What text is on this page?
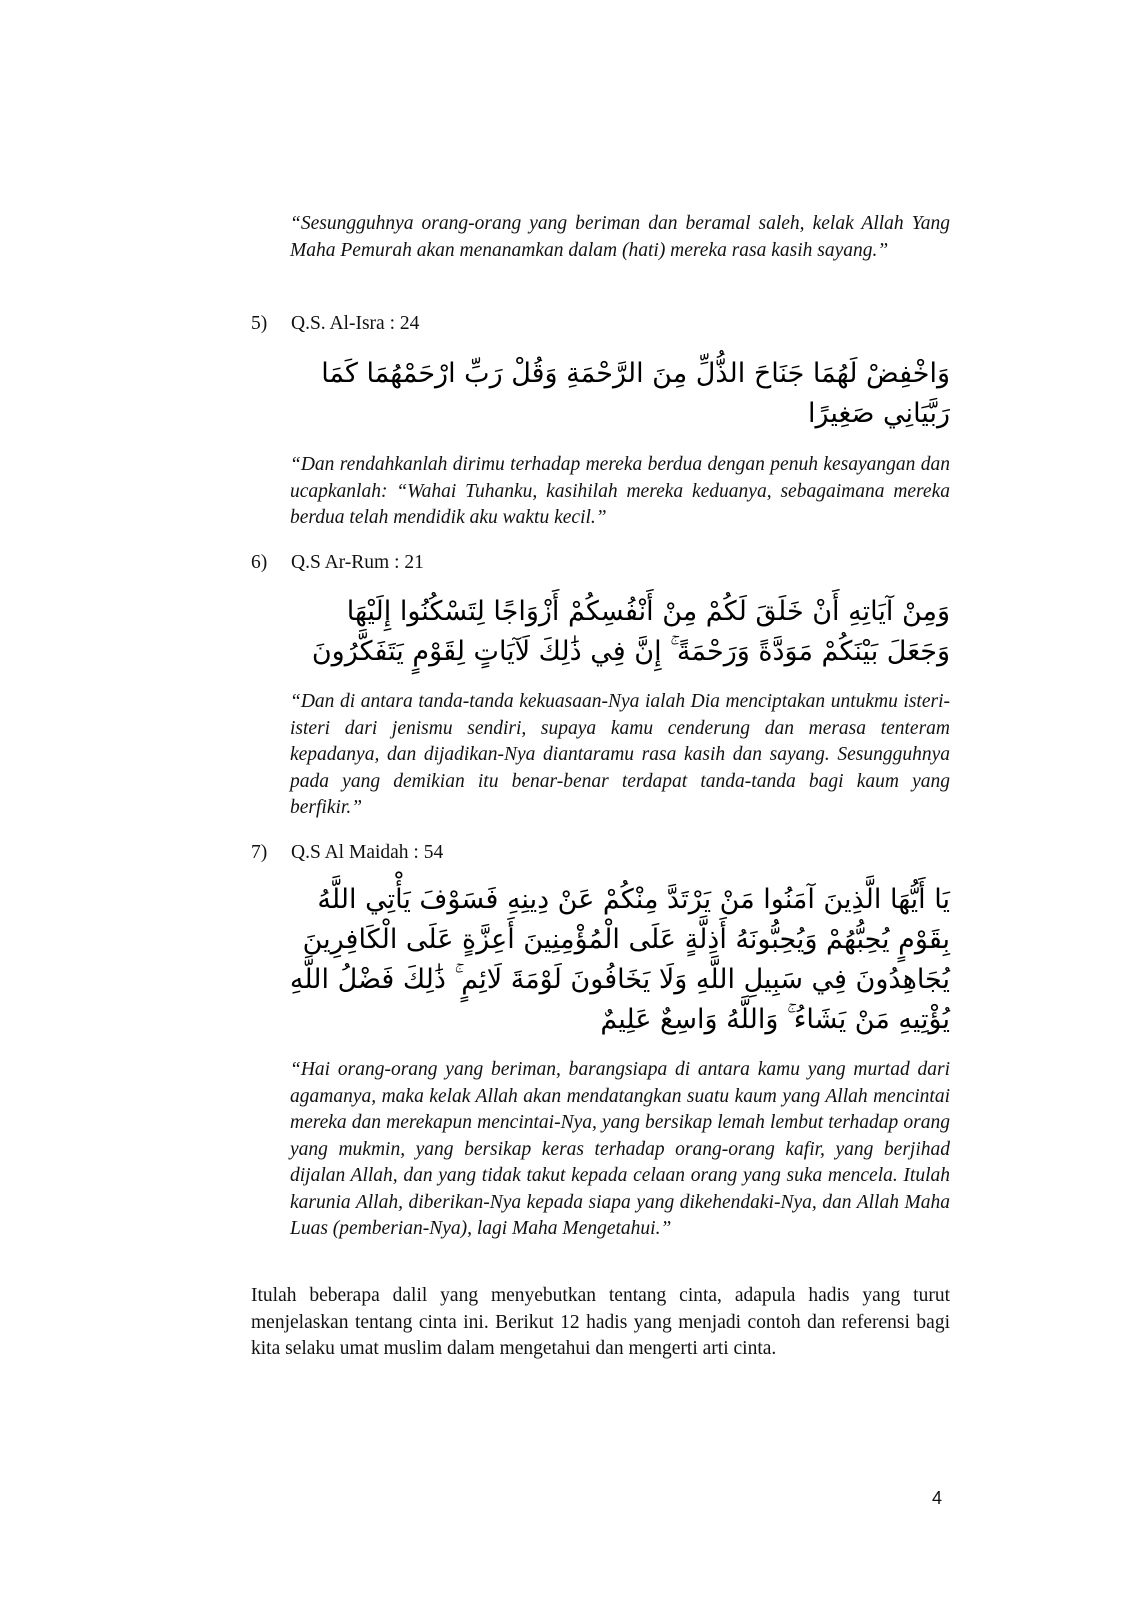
“Sesungguhnya orang-orang yang beriman dan beramal saleh, kelak Allah Yang Maha Pemurah akan menanamkan dalam (hati) mereka rasa kasih sayang.”
5) Q.S. Al-Isra : 24
وَاخْفِضْ لَهُمَا جَنَاحَ الذُّلِّ مِنَ الرَّحْمَةِ وَقُلْ رَبِّ ارْحَمْهُمَا كَمَا
رَبَّيَانِي صَغِيرًا
“Dan rendahkanlah dirimu terhadap mereka berdua dengan penuh kesayangan dan ucapkanlah: “Wahai Tuhanku, kasihilah mereka keduanya, sebagaimana mereka berdua telah mendidik aku waktu kecil.”
6) Q.S Ar-Rum : 21
وَمِنْ آيَاتِهِ أَنْ خَلَقَ لَكُمْ مِنْ أَنْفُسِكُمْ أَزْوَاجًا لِتَسْكُنُوا إِلَيْهَا
وَجَعَلَ بَيْنَكُمْ مَوَدَّةً وَرَحْمَةً ۚ إِنَّ فِي ذَٰلِكَ لَآيَاتٍ لِقَوْمٍ يَتَفَكَّرُونَ
“Dan di antara tanda-tanda kekuasaan-Nya ialah Dia menciptakan untukmu isteri-isteri dari jenismu sendiri, supaya kamu cenderung dan merasa tenteram kepadanya, dan dijadikan-Nya diantaramu rasa kasih dan sayang. Sesungguhnya pada yang demikian itu benar-benar terdapat tanda-tanda bagi kaum yang berfikir.”
7) Q.S Al Maidah : 54
يَا أَيُّهَا الَّذِينَ آمَنُوا مَنْ يَرْتَدَّ مِنْكُمْ عَنْ دِينِهِ فَسَوْفَ يَأْتِي اللَّهُ
بِقَوْمٍ يُحِبُّهُمْ وَيُحِبُّونَهُ أَذِلَّةٍ عَلَى الْمُؤْمِنِينَ أَعِزَّةٍ عَلَى الْكَافِرِينَ
يُجَاهِدُونَ فِي سَبِيلِ اللَّهِ وَلَا يَخَافُونَ لَوْمَةَ لَائِمٍ ۚ ذَٰلِكَ فَضْلُ اللَّهِ
يُؤْتِيهِ مَنْ يَشَاءُ ۚ وَاللَّهُ وَاسِعٌ عَلِيمٌ
“Hai orang-orang yang beriman, barangsiapa di antara kamu yang murtad dari agamanya, maka kelak Allah akan mendatangkan suatu kaum yang Allah mencintai mereka dan merekapun mencintai-Nya, yang bersikap lemah lembut terhadap orang yang mukmin, yang bersikap keras terhadap orang-orang kafir, yang berjihad dijalan Allah, dan yang tidak takut kepada celaan orang yang suka mencela. Itulah karunia Allah, diberikan-Nya kepada siapa yang dikehendaki-Nya, dan Allah Maha Luas (pemberian-Nya), lagi Maha Mengetahui.”
Itulah beberapa dalil yang menyebutkan tentang cinta, adapula hadis yang turut menjelaskan tentang cinta ini. Berikut 12 hadis yang menjadi contoh dan referensi bagi kita selaku umat muslim dalam mengetahui dan mengerti arti cinta.
4
